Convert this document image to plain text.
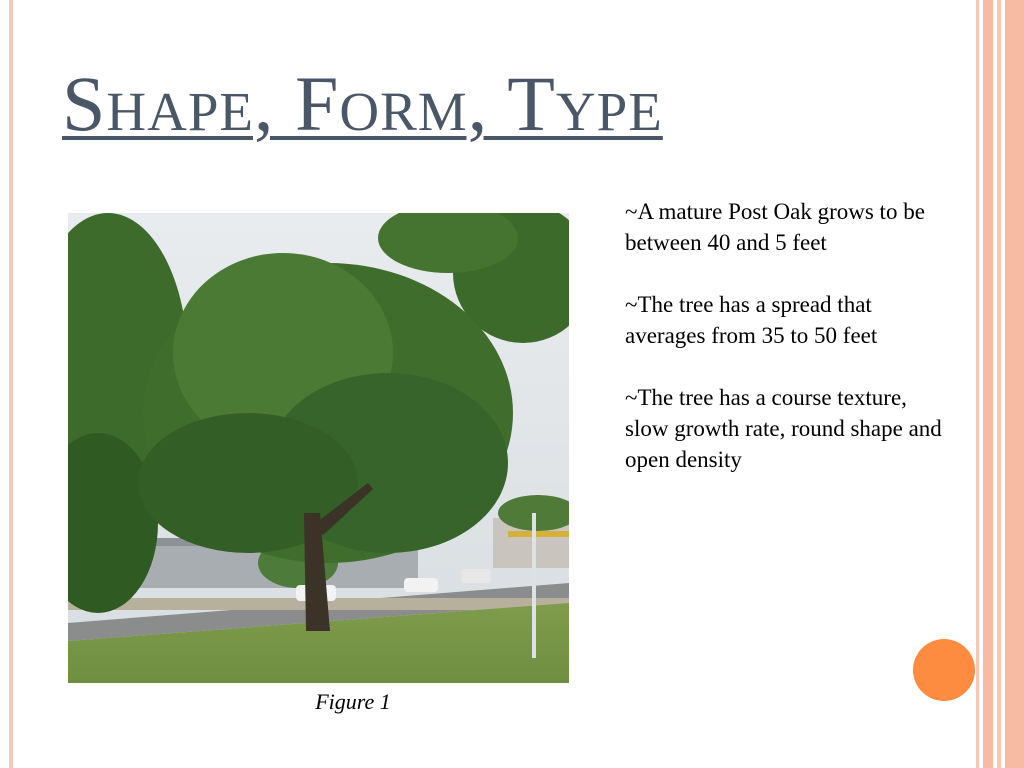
Shape, Form, Type
Figure 1

~A mature Post Oak grows to be between 40 and 5 feet

~The tree has a spread that averages from 35 to 50 feet

~The tree has a course texture, slow growth rate, round shape and open density
